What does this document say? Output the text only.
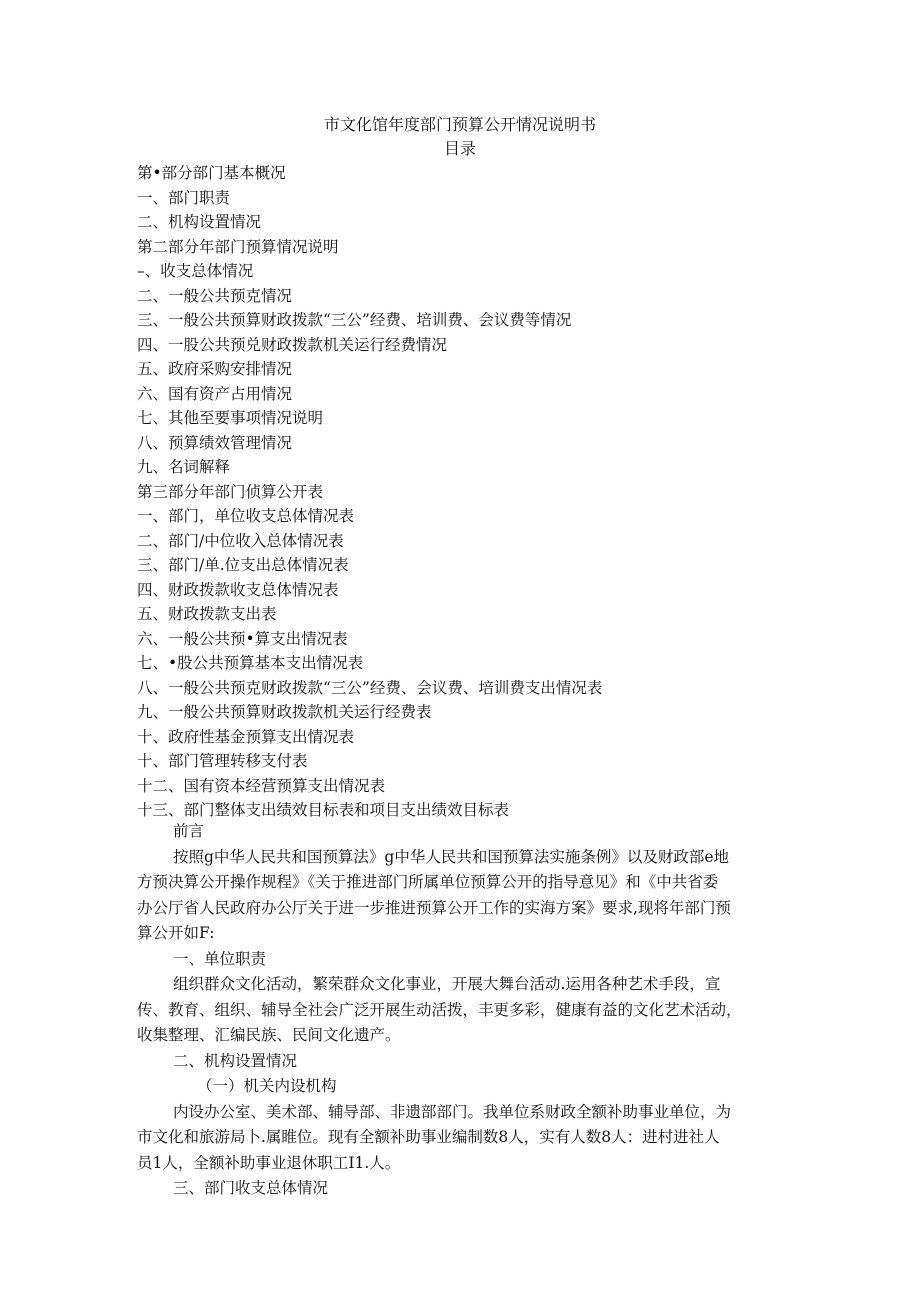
市文化馆年度部门预算公开情况说明书
目录
第•部分部门基本概况
一、部门职责
二、机构设置情况
第二部分年部门预算情况说明
–、收支总体情况
二、一般公共预克情况
三、一般公共预算财政拨款“三公”经费、培训费、会议费等情况
四、一股公共预兑财政拨款机关运行经费情况
五、政府采购安排情况
六、国有资产占用情况
七、其他至要事项情况说明
八、预算绩效管理情况
九、名词解释
第三部分年部门侦算公开表
一、部门，单位收支总体情况表
二、部门/中位收入总体情况表
三、部门/单.位支出总体情况表
四、财政拨款收支总体情况表
五、财政拨款支出表
六、一般公共预•算支出情况表
七、•股公共预算基本支出情况表
八、一般公共预克财政拨款“三公”经费、会议费、培训费支出情况表
九、一般公共预算财政拨款机关运行经费表
十、政府性基金预算支出情况表
十、部门管理转移支付表
十二、国有资本经营预算支出情况表
十三、部门整体支出绩效目标表和项目支出绩效目标表
前言
按照g中华人民共和国预算法》g中华人民共和国预算法实施条例》以及财政部e地
方预决算公开操作规程》《关于推进部门所属单位预算公开的指导意见》和《中共省委
办公厅省人民政府办公厅关于进一步推进预算公开工作的实海方案》要求,现将年部门预
算公开如F:
一、单位职责
组织群众文化活动，繁荣群众文化事业，开展大舞台活动.运用各种艺术手段，宣
传、教育、组织、辅导全社会广泛开展生动活拨，丰更多彩，健康有益的文化艺术活动，
收集整理、汇编民族、民间文化遗产。
二、机构设置情况
（一）机关内设机构
内设办公室、美术部、辅导部、非遗部部门。我单位系财政全额补助事业单位，为
市文化和旅游局卜.属睢位。现有全额补助事业编制数8人，实有人数8人：进村进社人
员1人，全额补助事业退休职工I1.人。
三、部门收支总体情况
